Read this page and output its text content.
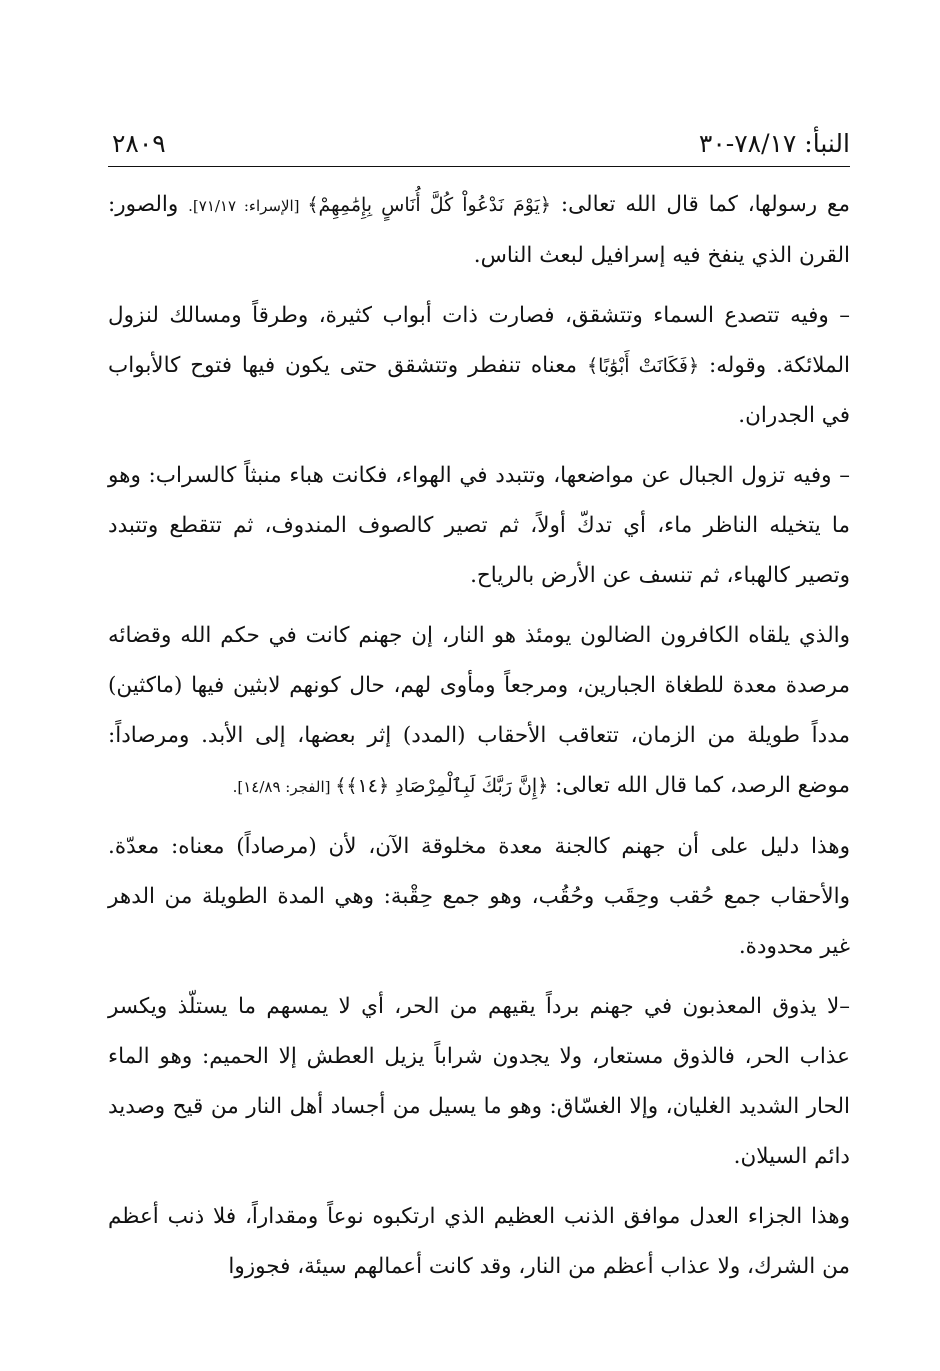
النبأ: ٧٨/١٧-٣٠
٢٨٠٩

مع رسولها، كما قال الله تعالى: ﴿يَوْمَ نَدْعُواْ كُلَّ أُنَاسٍ بِإِمَٰمِهِمْ﴾ [الإسراء: ٧١/١٧]. والصور: القرن الذي ينفخ فيه إسرافيل لبعث الناس.

– وفيه تتصدع السماء وتتشقق، فصارت ذات أبواب كثيرة، وطرقاً ومسالك لنزول الملائكة. وقوله: ﴿فَكَانَتْ أَبْوَٰبًا﴾ معناه تنفطر وتتشقق حتى يكون فيها فتوح كالأبواب في الجدران.

– وفيه تزول الجبال عن مواضعها، وتتبدد في الهواء، فكانت هباء منبثاً كالسراب: وهو ما يتخيله الناظر ماء، أي تدكّ أولاً، ثم تصير كالصوف المندوف، ثم تتقطع وتتبدد وتصير كالهباء، ثم تنسف عن الأرض بالرياح.

والذي يلقاه الكافرون الضالون يومئذ هو النار، إن جهنم كانت في حكم الله وقضائه مرصدة معدة للطغاة الجبارين، ومرجعاً ومأوى لهم، حال كونهم لابثين فيها (ماكثين) مدداً طويلة من الزمان، تتعاقب الأحقاب (المدد) إثر بعضها، إلى الأبد. ومرصاداً: موضع الرصد، كما قال الله تعالى: ﴿إِنَّ رَبَّكَ لَبِٱلْمِرْصَادِ ﴿١٤﴾﴾ [الفجر: ١٤/٨٩].

وهذا دليل على أن جهنم كالجنة معدة مخلوقة الآن، لأن (مرصاداً) معناه: معدّة. والأحقاب جمع حُقب وحِقَب وحُقُب، وهو جمع حِقْبة: وهي المدة الطويلة من الدهر غير محدودة.

–لا يذوق المعذبون في جهنم برداً يقيهم من الحر، أي لا يمسهم ما يستلّذ ويكسر عذاب الحر، فالذوق مستعار، ولا يجدون شراباً يزيل العطش إلا الحميم: وهو الماء الحار الشديد الغليان، وإلا الغسّاق: وهو ما يسيل من أجساد أهل النار من قيح وصديد دائم السيلان.

وهذا الجزاء العدل موافق الذنب العظيم الذي ارتكبوه نوعاً ومقداراً، فلا ذنب أعظم من الشرك، ولا عذاب أعظم من النار، وقد كانت أعمالهم سيئة، فجوزوا
